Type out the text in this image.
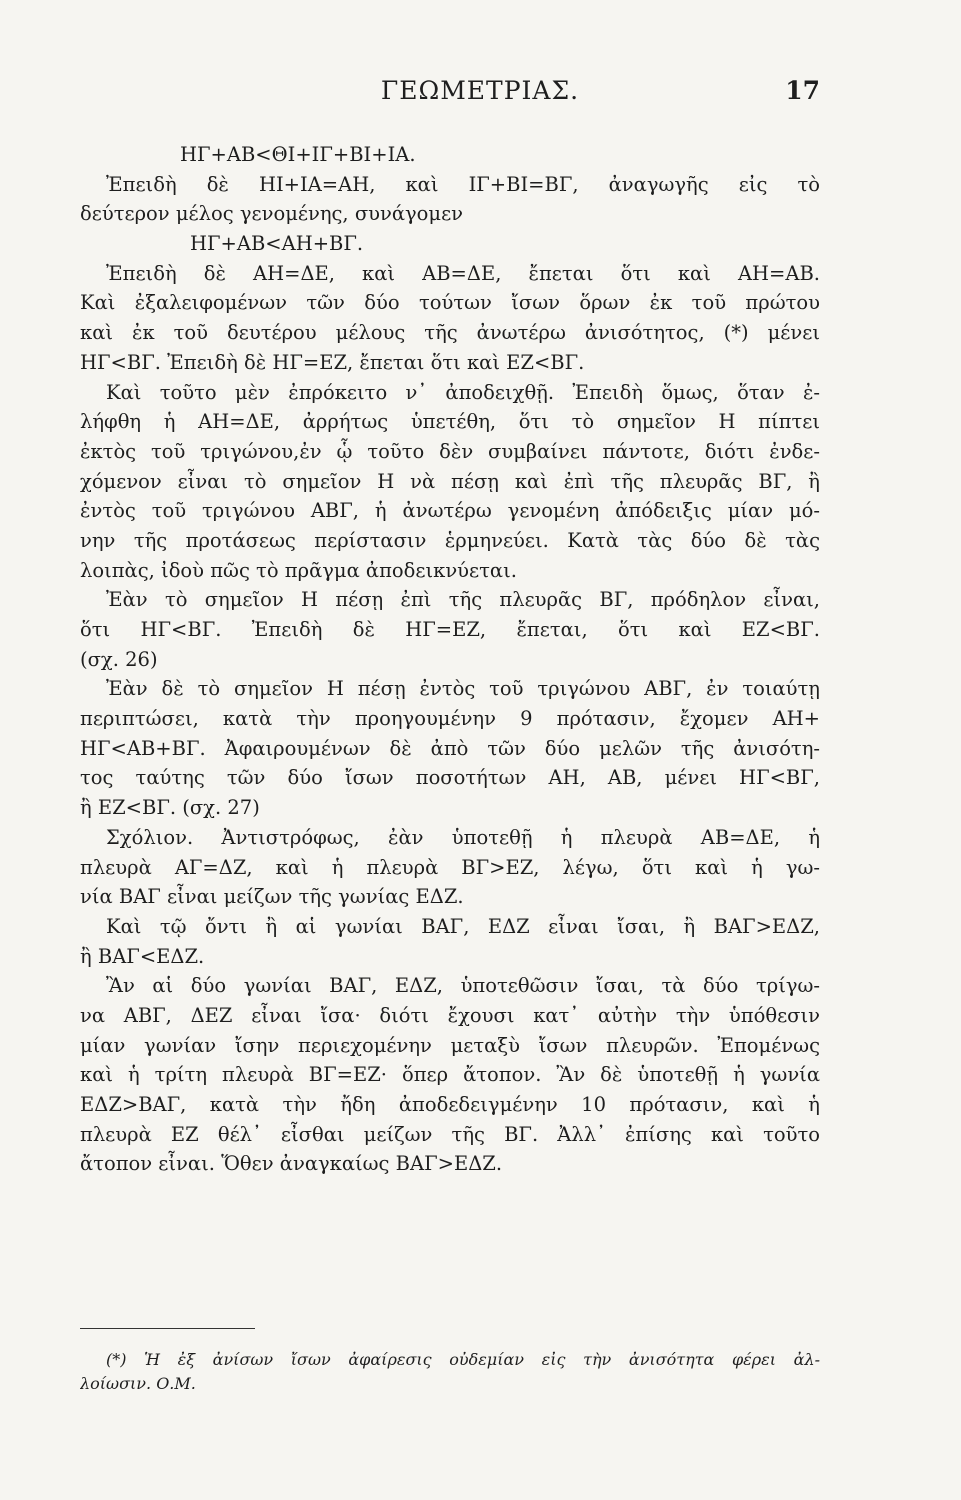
ΓΕΩΜΕΤΡΙΑΣ.	17
ΗΓ+ΑΒ<ΘΙ+ΙΓ+ΒΙ+ΙΑ.
Ἐπειδὴ δὲ ΗΙ+ΙΑ=ΑΗ, καὶ ΙΓ+ΒΙ=ΒΓ, ἀναγωγῆς εἰς τὸ
δεύτερον μέλος γενομένης, συνάγομεν
ΗΓ+ΑΒ<ΑΗ+ΒΓ.
Ἐπειδὴ δὲ ΑΗ=ΔΕ, καὶ ΑΒ=ΔΕ, ἔπεται ὅτι καὶ ΑΗ=ΑΒ.
Καὶ ἐξαλειφομένων τῶν δύο τούτων ἴσων ὅρων ἐκ τοῦ πρώτου
καὶ ἐκ τοῦ δευτέρου μέλους τῆς ἀνωτέρω ἀνισότητος, (*) μένει
ΗΓ<ΒΓ. Ἐπειδὴ δὲ ΗΓ=ΕΖ, ἔπεται ὅτι καὶ ΕΖ<ΒΓ.
Καὶ τοῦτο μὲν ἐπρόκειτο ν᾽ ἀποδειχθῇ. Ἐπειδὴ ὅμως, ὅταν ἐ-
λήφθη ἡ ΑΗ=ΔΕ, ἀρρήτως ὑπετέθη, ὅτι τὸ σημεῖον Η πίπτει
ἐκτὸς τοῦ τριγώνου,ἐν ᾧ τοῦτο δὲν συμβαίνει πάντοτε, διότι ἐνδε-
χόμενον εἶναι τὸ σημεῖον Η νὰ πέσῃ καὶ ἐπὶ τῆς πλευρᾶς ΒΓ, ἢ
ἐντὸς τοῦ τριγώνου ΑΒΓ, ἡ ἀνωτέρω γενομένη ἀπόδειξις μίαν μό-
νην τῆς προτάσεως περίστασιν ἑρμηνεύει. Κατὰ τὰς δύο δὲ τὰς
λοιπὰς, ἰδοὺ πῶς τὸ πρᾶγμα ἀποδεικνύεται.
Ἐὰν τὸ σημεῖον Η πέσῃ ἐπὶ τῆς πλευρᾶς ΒΓ, πρόδηλον εἶναι,
ὅτι ΗΓ<ΒΓ. Ἐπειδὴ δὲ ΗΓ=ΕΖ, ἔπεται, ὅτι καὶ ΕΖ<ΒΓ.
(σχ. 26)
Ἐὰν δὲ τὸ σημεῖον Η πέσῃ ἐντὸς τοῦ τριγώνου ΑΒΓ, ἐν τοιαύτῃ
περιπτώσει, κατὰ τὴν προηγουμένην 9 πρότασιν, ἔχομεν ΑΗ+
ΗΓ<ΑΒ+ΒΓ. Ἀφαιρουμένων δὲ ἀπὸ τῶν δύο μελῶν τῆς ἀνισότη-
τος ταύτης τῶν δύο ἴσων ποσοτήτων ΑΗ, ΑΒ, μένει ΗΓ<ΒΓ,
ἢ ΕΖ<ΒΓ. (σχ. 27)
Σχόλιον. Ἀντιστρόφως, ἐὰν ὑποτεθῇ ἡ πλευρὰ ΑΒ=ΔΕ, ἡ
πλευρὰ ΑΓ=ΔΖ, καὶ ἡ πλευρὰ ΒΓ>ΕΖ, λέγω, ὅτι καὶ ἡ γω-
νία ΒΑΓ εἶναι μείζων τῆς γωνίας ΕΔΖ.
Καὶ τῷ ὄντι ἢ αἱ γωνίαι ΒΑΓ, ΕΔΖ εἶναι ἴσαι, ἢ ΒΑΓ>ΕΔΖ,
ἢ ΒΑΓ<ΕΔΖ.
Ἂν αἱ δύο γωνίαι ΒΑΓ, ΕΔΖ, ὑποτεθῶσιν ἴσαι, τὰ δύο τρίγω-
να ΑΒΓ, ΔΕΖ εἶναι ἴσα· διότι ἔχουσι κατ᾽ αὐτὴν τὴν ὑπόθεσιν
μίαν γωνίαν ἴσην περιεχομένην μεταξὺ ἴσων πλευρῶν. Ἐπομένως
καὶ ἡ τρίτη πλευρὰ ΒΓ=ΕΖ· ὅπερ ἄτοπον. Ἂν δὲ ὑποτεθῇ ἡ γωνία
ΕΔΖ>ΒΑΓ, κατὰ τὴν ἤδη ἀποδεδειγμένην 10 πρότασιν, καὶ ἡ
πλευρὰ ΕΖ θέλ᾽ εἶσθαι μείζων τῆς ΒΓ. Ἀλλ᾽ ἐπίσης καὶ τοῦτο
ἄτοπον εἶναι. Ὅθεν ἀναγκαίως ΒΑΓ>ΕΔΖ.
(*) Ἡ ἐξ ἀνίσων ἴσων ἀφαίρεσις οὐδεμίαν εἰς τὴν ἀνισότητα φέρει ἀλ-
λοίωσιν. Ο.Μ.
